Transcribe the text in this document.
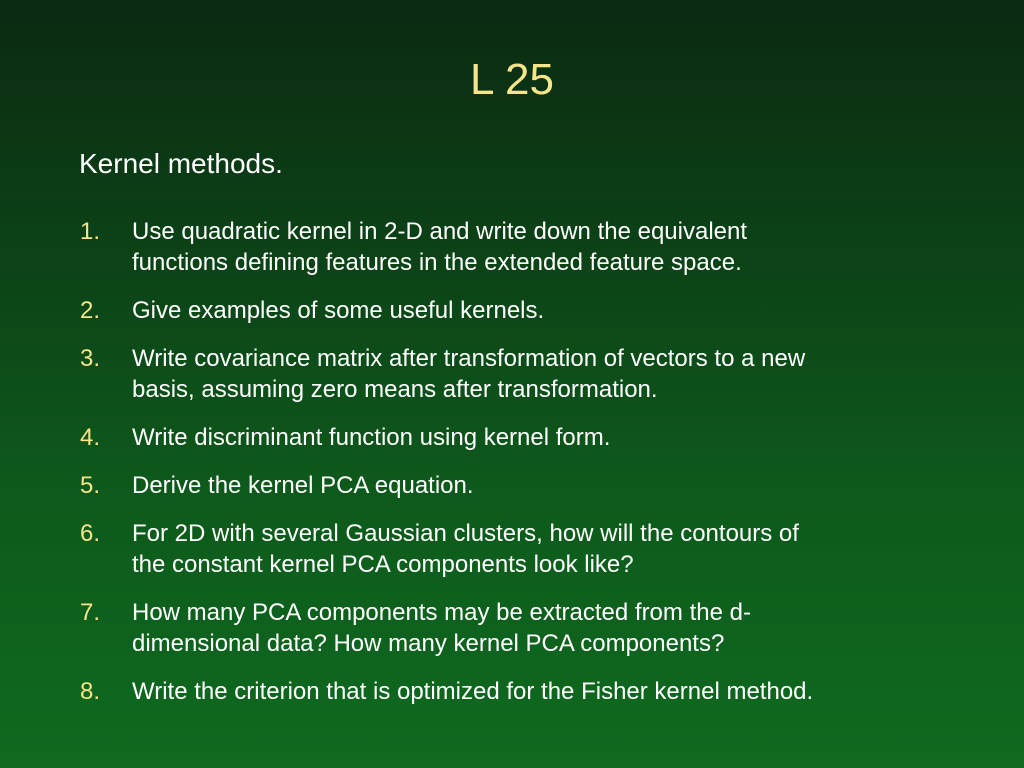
L 25
Kernel methods.
1.	Use quadratic kernel in 2-D and write down the equivalent
functions defining features in the extended feature space.
2.	Give examples of some useful kernels.
3.	Write covariance matrix after transformation of vectors to a new
basis, assuming zero means after transformation.
4.	Write discriminant function using kernel form.
5.	Derive the kernel PCA equation.
6.	For 2D with several Gaussian clusters, how will the contours of
the constant kernel PCA components look like?
7.	How many PCA components may be extracted from the d-
dimensional data? How many kernel PCA components?
8.	Write the criterion that is optimized for the Fisher kernel method.
